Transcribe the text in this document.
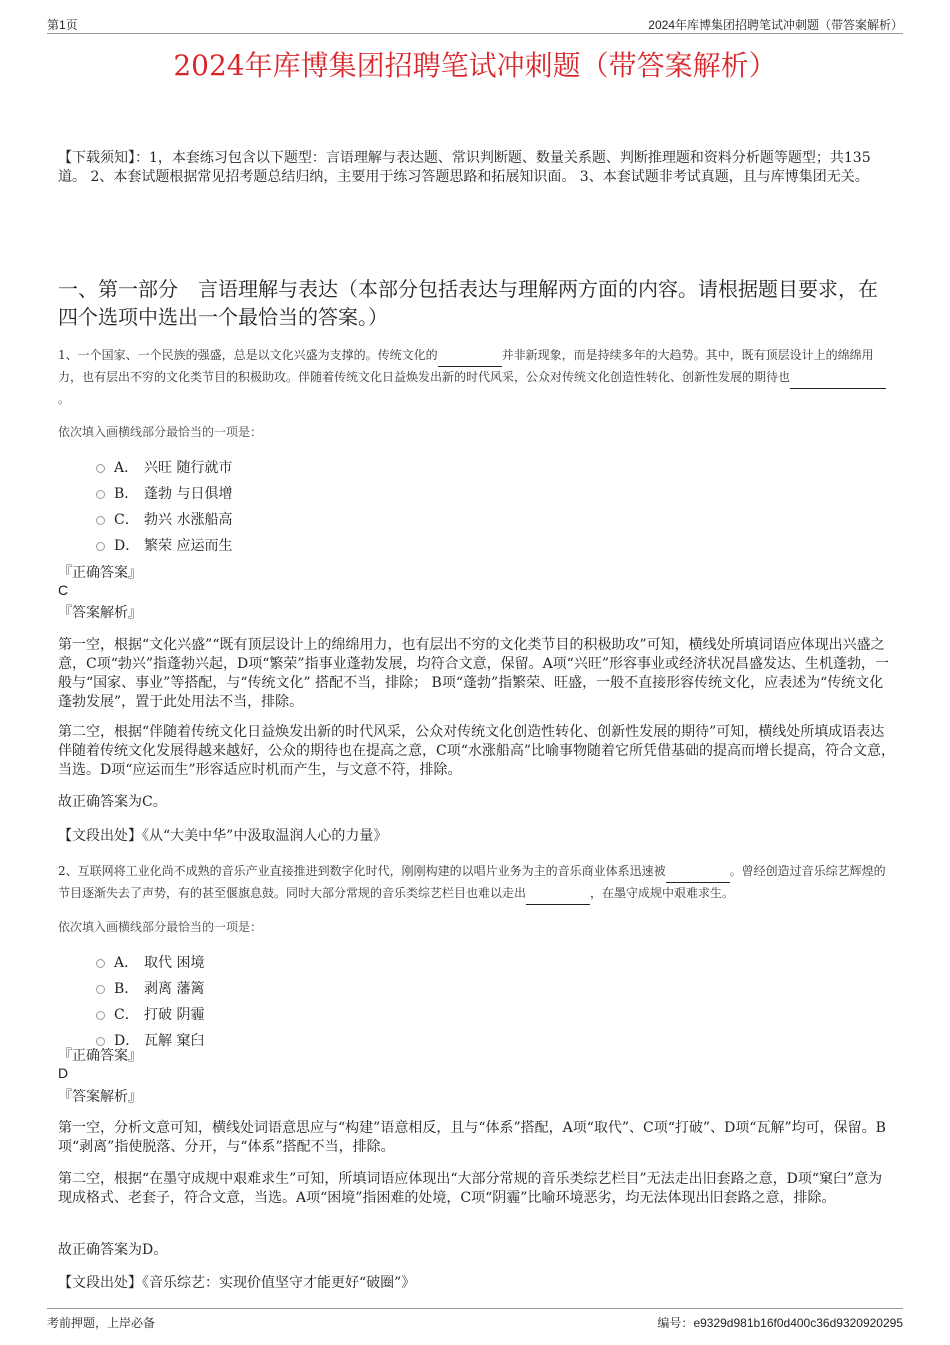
第1页	2024年库博集团招聘笔试冲刺题（带答案解析）
2024年库博集团招聘笔试冲刺题（带答案解析）
【下载须知】：1，本套练习包含以下题型：言语理解与表达题、常识判断题、数量关系题、判断推理题和资料分析题等题型；共135道。 2、本套试题根据常见招考题总结归纳，主要用于练习答题思路和拓展知识面。 3、本套试题非考试真题，且与库博集团无关。
一、第一部分　言语理解与表达（本部分包括表达与理解两方面的内容。请根据题目要求，在四个选项中选出一个最恰当的答案。）
1、一个国家、一个民族的强盛，总是以文化兴盛为支撑的。传统文化的	并非新现象，而是持续多年的大趋势。其中，既有顶层设计上的绵绵用力，也有层出不穷的文化类节目的积极助攻。伴随着传统文化日益焕发出新的时代风采，公众对传统文化创造性转化、创新性发展的期待也 。
依次填入画横线部分最恰当的一项是：
A． 兴旺 随行就市
B． 蓬勃 与日俱增
C． 勃兴 水涨船高
D． 繁荣 应运而生
『正确答案』
C
『答案解析』
第一空，根据“文化兴盛”“既有顶层设计上的绵绵用力，也有层出不穷的文化类节目的积极助攻”可知，横线处所填词语应体现出兴盛之意，C项“勃兴”指蓬勃兴起，D项“繁荣”指事业蓬勃发展，均符合文意，保留。A项“兴旺”形容事业或经济状况昌盛发达、生机蓬勃，一般与“国家、事业”等搭配，与“传统文化” 搭配不当，排除； B项“蓬勃”指繁荣、旺盛，一般不直接形容传统文化，应表述为“传统文化蓬勃发展”，置于此处用法不当，排除。
第二空，根据“伴随着传统文化日益焕发出新的时代风采，公众对传统文化创造性转化、创新性发展的期待”可知，横线处所填成语表达伴随着传统文化发展得越来越好，公众的期待也在提高之意，C项“水涨船高”比喻事物随着它所凭借基础的提高而增长提高，符合文意，当选。D项“应运而生”形容适应时机而产生，与文意不符，排除。
故正确答案为C。
【文段出处】《从“大美中华”中汲取温润人心的力量》
2、互联网将工业化尚不成熟的音乐产业直接推进到数字化时代，刚刚构建的以唱片业务为主的音乐商业体系迅速被	。曾经创造过音乐综艺辉煌的节目逐渐失去了声势，有的甚至偃旗息鼓。同时大部分常规的音乐类综艺栏目也难以走出	，在墨守成规中艰难求生。
依次填入画横线部分最恰当的一项是：
A． 取代 困境
B． 剥离 藩篱
C． 打破 阴霾
D． 瓦解 窠臼
『正确答案』
D
『答案解析』
第一空，分析文意可知，横线处词语意思应与“构建”语意相反，且与“体系”搭配，A项“取代”、C项“打破”、D项“瓦解”均可，保留。B项“剥离”指使脱落、分开，与“体系”搭配不当，排除。
第二空，根据“在墨守成规中艰难求生”可知，所填词语应体现出“大部分常规的音乐类综艺栏目”无法走出旧套路之意，D项“窠臼”意为现成格式、老套子，符合文意，当选。A项“困境”指困难的处境，C项“阴霾”比喻环境恶劣，均无法体现出旧套路之意，排除。
故正确答案为D。
【文段出处】《音乐综艺：实现价值坚守才能更好“破圈”》
考前押题，上岸必备	编号：e9329d981b16f0d400c36d9320920295
